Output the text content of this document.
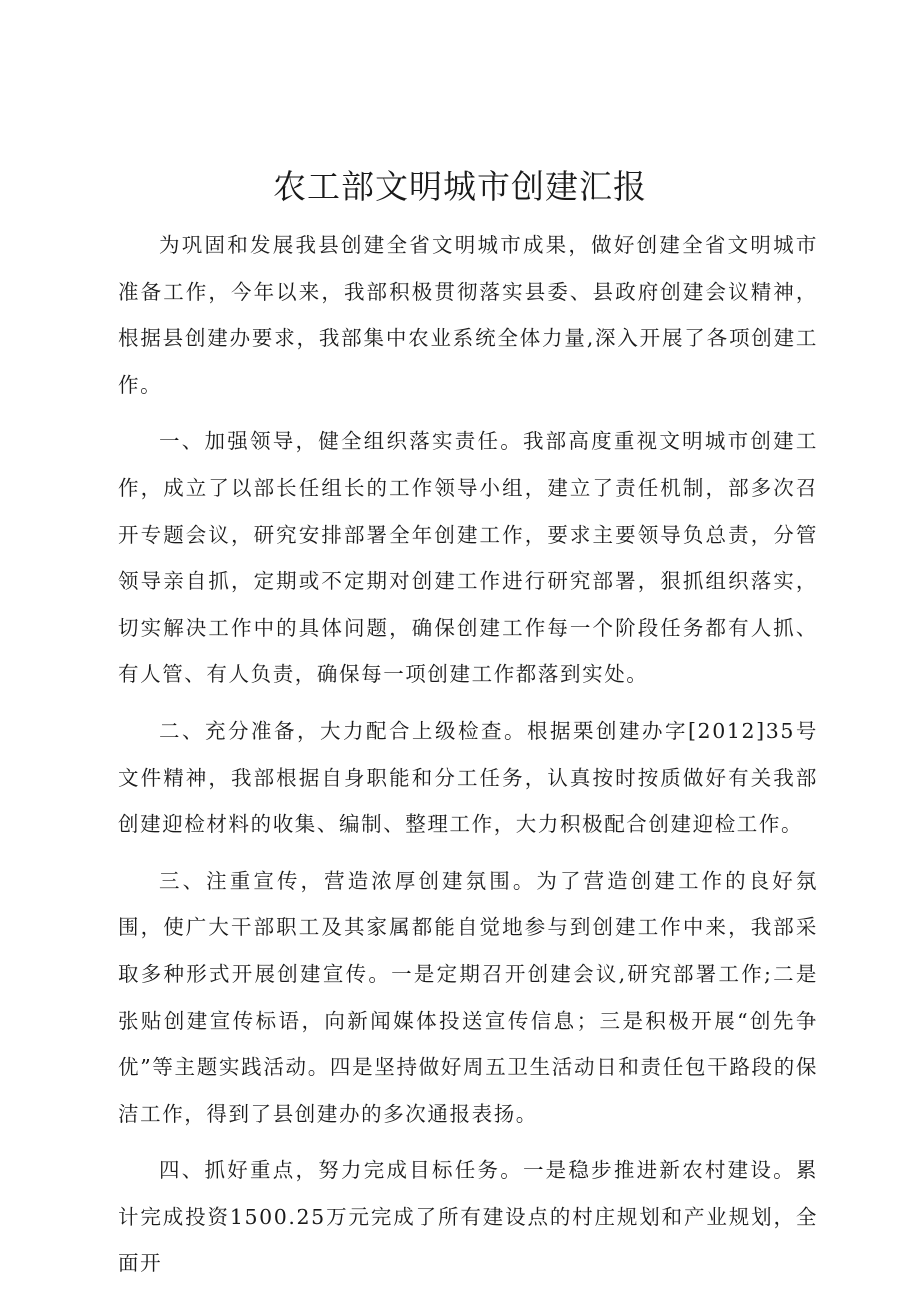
农工部文明城市创建汇报

为巩固和发展我县创建全省文明城市成果，做好创建全省文明城市准备工作，今年以来，我部积极贯彻落实县委、县政府创建会议精神，根据县创建办要求，我部集中农业系统全体力量,深入开展了各项创建工作。

一、加强领导，健全组织落实责任。我部高度重视文明城市创建工作，成立了以部长任组长的工作领导小组，建立了责任机制，部多次召开专题会议，研究安排部署全年创建工作，要求主要领导负总责，分管领导亲自抓，定期或不定期对创建工作进行研究部署，狠抓组织落实，切实解决工作中的具体问题，确保创建工作每一个阶段任务都有人抓、有人管、有人负责，确保每一项创建工作都落到实处。

二、充分准备，大力配合上级检查。根据栗创建办字[2012]35号文件精神，我部根据自身职能和分工任务，认真按时按质做好有关我部创建迎检材料的收集、编制、整理工作，大力积极配合创建迎检工作。

三、注重宣传，营造浓厚创建氛围。为了营造创建工作的良好氛围，使广大干部职工及其家属都能自觉地参与到创建工作中来，我部采取多种形式开展创建宣传。一是定期召开创建会议,研究部署工作;二是张贴创建宣传标语，向新闻媒体投送宣传信息；三是积极开展“创先争优”等主题实践活动。四是坚持做好周五卫生活动日和责任包干路段的保洁工作，得到了县创建办的多次通报表扬。

四、抓好重点，努力完成目标任务。一是稳步推进新农村建设。累计完成投资1500.25万元完成了所有建设点的村庄规划和产业规划，全面开
